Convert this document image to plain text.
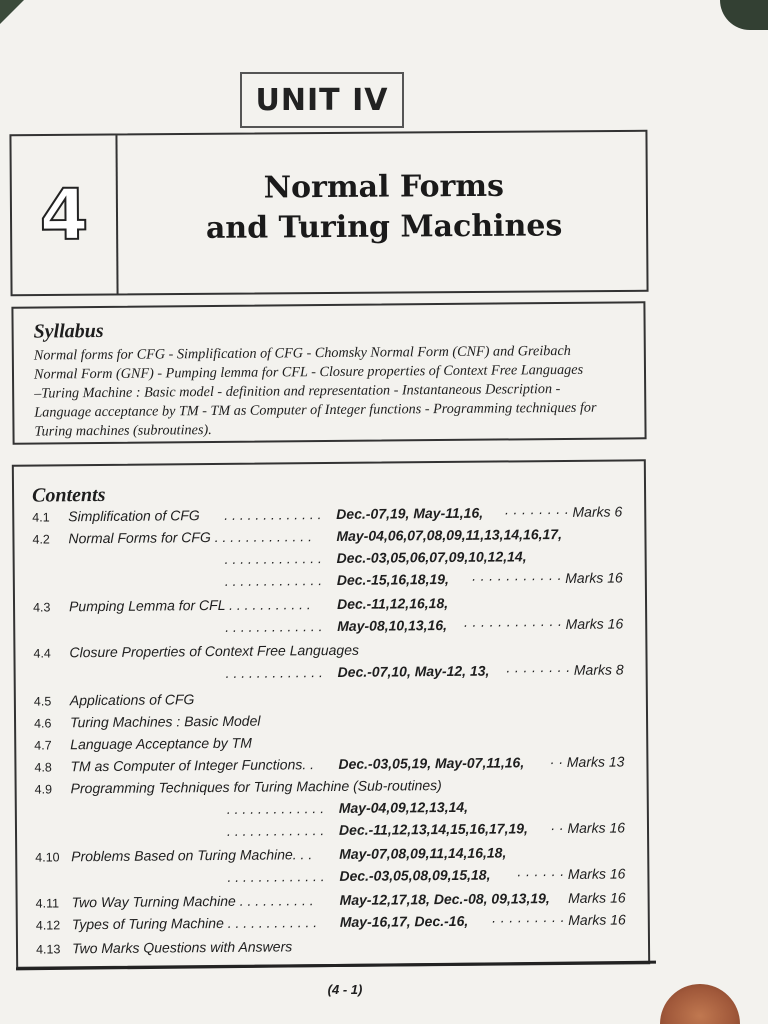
UNIT IV
4	Normal Forms
and Turing Machines
Syllabus
Normal forms for CFG - Simplification of CFG - Chomsky Normal Form (CNF) and Greibach
Normal Form (GNF) - Pumping lemma for CFL - Closure properties of Context Free Languages
–Turing Machine : Basic model - definition and representation - Instantaneous Description -
Language acceptance by TM - TM as Computer of Integer functions - Programming techniques for
Turing machines (subroutines).
Contents
4.1 Simplification of CFG . . . . . . . . . . . . . Dec.-07,19, May-11,16, · · · · · · · · Marks 6
4.2 Normal Forms for CFG . . . . . . . . . . . . . May-04,06,07,08,09,11,13,14,16,17,
. . . . . . . . . . . . . Dec.-03,05,06,07,09,10,12,14,
. . . . . . . . . . . . . Dec.-15,16,18,19, · · · · · · · · · · · Marks 16
4.3 Pumping Lemma for CFL . . . . . . . . . . . Dec.-11,12,16,18,
. . . . . . . . . . . . . May-08,10,13,16, · · · · · · · · · · · · Marks 16
4.4 Closure Properties of Context Free Languages
. . . . . . . . . . . . . Dec.-07,10, May-12, 13, · · · · · · · · Marks 8
4.5 Applications of CFG
4.6 Turing Machines : Basic Model
4.7 Language Acceptance by TM
4.8 TM as Computer of Integer Functions. . Dec.-03,05,19, May-07,11,16, · · Marks 13
4.9 Programming Techniques for Turing Machine (Sub-routines)
. . . . . . . . . . . . . May-04,09,12,13,14,
. . . . . . . . . . . . . Dec.-11,12,13,14,15,16,17,19, · · Marks 16
4.10 Problems Based on Turing Machine. . . May-07,08,09,11,14,16,18,
. . . . . . . . . . . . . Dec.-03,05,08,09,15,18, · · · · · · Marks 16
4.11 Two Way Turning Machine . . . . . . . . . . May-12,17,18, Dec.-08, 09,13,19, Marks 16
4.12 Types of Turing Machine . . . . . . . . . . . . May-16,17, Dec.-16, · · · · · · · · · Marks 16
4.13 Two Marks Questions with Answers
(4 - 1)
